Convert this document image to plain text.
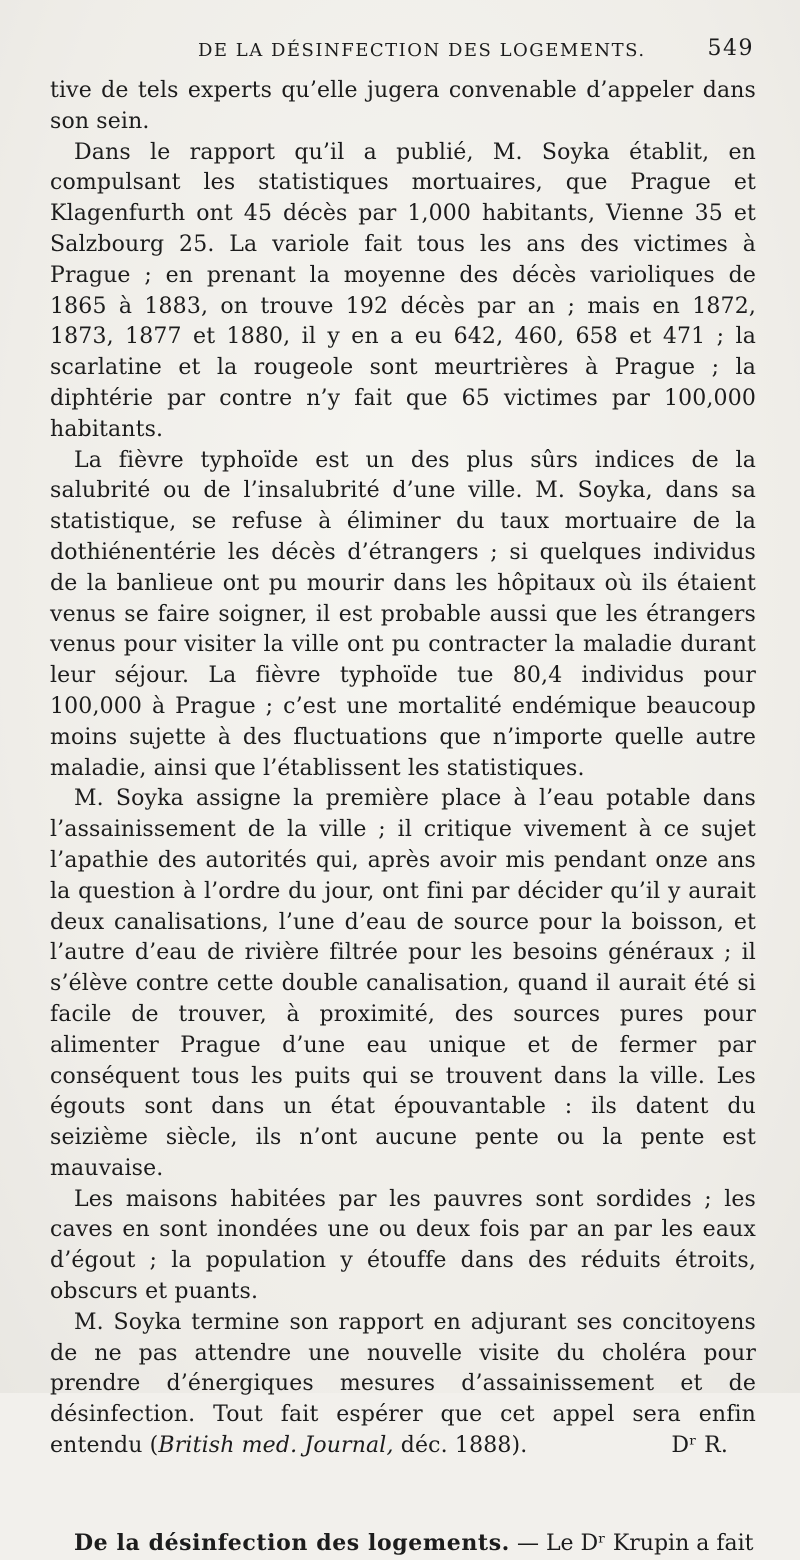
DE LA DÉSINFECTION DES LOGEMENTS.	549

tive de tels experts qu’elle jugera convenable d’appeler dans son sein.

Dans le rapport qu’il a publié, M. Soyka établit, en compulsant les statistiques mortuaires, que Prague et Klagenfurth ont 45 décès par 1,000 habitants, Vienne 35 et Salzbourg 25. La variole fait tous les ans des victimes à Prague ; en prenant la moyenne des décès varioliques de 1865 à 1883, on trouve 192 décès par an ; mais en 1872, 1873, 1877 et 1880, il y en a eu 642, 460, 658 et 471 ; la scarlatine et la rougeole sont meurtrières à Prague ; la diphtérie par contre n’y fait que 65 victimes par 100,000 habitants.

La fièvre typhoïde est un des plus sûrs indices de la salubrité ou de l’insalubrité d’une ville. M. Soyka, dans sa statistique, se refuse à éliminer du taux mortuaire de la dothiénentérie les décès d’étrangers ; si quelques individus de la banlieue ont pu mourir dans les hôpitaux où ils étaient venus se faire soigner, il est probable aussi que les étrangers venus pour visiter la ville ont pu contracter la maladie durant leur séjour. La fièvre typhoïde tue 80,4 individus pour 100,000 à Prague ; c’est une mortalité endémique beaucoup moins sujette à des fluctuations que n’importe quelle autre maladie, ainsi que l’établissent les statistiques.

M. Soyka assigne la première place à l’eau potable dans l’assainissement de la ville ; il critique vivement à ce sujet l’apathie des autorités qui, après avoir mis pendant onze ans la question à l’ordre du jour, ont fini par décider qu’il y aurait deux canalisations, l’une d’eau de source pour la boisson, et l’autre d’eau de rivière filtrée pour les besoins généraux ; il s’élève contre cette double canalisation, quand il aurait été si facile de trouver, à proximité, des sources pures pour alimenter Prague d’une eau unique et de fermer par conséquent tous les puits qui se trouvent dans la ville. Les égouts sont dans un état épouvantable : ils datent du seizième siècle, ils n’ont aucune pente ou la pente est mauvaise.

Les maisons habitées par les pauvres sont sordides ; les caves en sont inondées une ou deux fois par an par les eaux d’égout ; la population y étouffe dans des réduits étroits, obscurs et puants.

M. Soyka termine son rapport en adjurant ses concitoyens de ne pas attendre une nouvelle visite du choléra pour prendre d’énergiques mesures d’assainissement et de désinfection. Tout fait espérer que cet appel sera enfin entendu (British med. Journal, déc. 1888).	Dʳ R.

De la désinfection des logements. — Le Dʳ Krupin a fait
